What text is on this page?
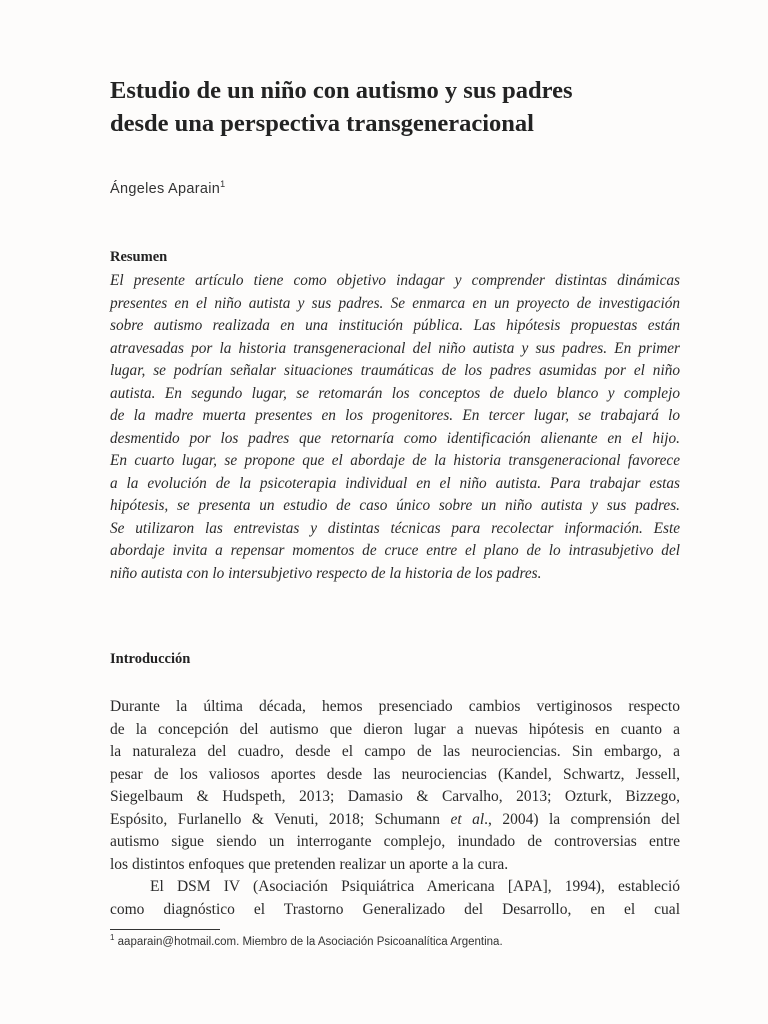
Estudio de un niño con autismo y sus padres
desde una perspectiva transgeneracional
Ángeles Aparain$^1$
Resumen
El presente artículo tiene como objetivo indagar y comprender distintas dinámicas
presentes en el niño autista y sus padres. Se enmarca en un proyecto de investigación
sobre autismo realizada en una institución pública. Las hipótesis propuestas están
atravesadas por la historia transgeneracional del niño autista y sus padres. En primer
lugar, se podrían señalar situaciones traumáticas de los padres asumidas por el niño
autista. En segundo lugar, se retomarán los conceptos de duelo blanco y complejo
de la madre muerta presentes en los progenitores. En tercer lugar, se trabajará lo
desmentido por los padres que retornaría como identificación alienante en el hijo.
En cuarto lugar, se propone que el abordaje de la historia transgeneracional favorece
a la evolución de la psicoterapia individual en el niño autista. Para trabajar estas
hipótesis, se presenta un estudio de caso único sobre un niño autista y sus padres.
Se utilizaron las entrevistas y distintas técnicas para recolectar información. Este
abordaje invita a repensar momentos de cruce entre el plano de lo intrasubjetivo del
niño autista con lo intersubjetivo respecto de la historia de los padres.
Introducción
Durante la última década, hemos presenciado cambios vertiginosos respecto
de la concepción del autismo que dieron lugar a nuevas hipótesis en cuanto a
la naturaleza del cuadro, desde el campo de las neurociencias. Sin embargo, a
pesar de los valiosos aportes desde las neurociencias (Kandel, Schwartz, Jessell,
Siegelbaum & Hudspeth, 2013; Damasio & Carvalho, 2013; Ozturk, Bizzego,
Espósito, Furlanello & Venuti, 2018; Schumann et al., 2004) la comprensión del
autismo sigue siendo un interrogante complejo, inundado de controversias entre
los distintos enfoques que pretenden realizar un aporte a la cura.
El DSM IV (Asociación Psiquiátrica Americana [APA], 1994), estableció
como diagnóstico el Trastorno Generalizado del Desarrollo, en el cual
$^1$ aaparain@hotmail.com. Miembro de la Asociación Psicoanalítica Argentina.
